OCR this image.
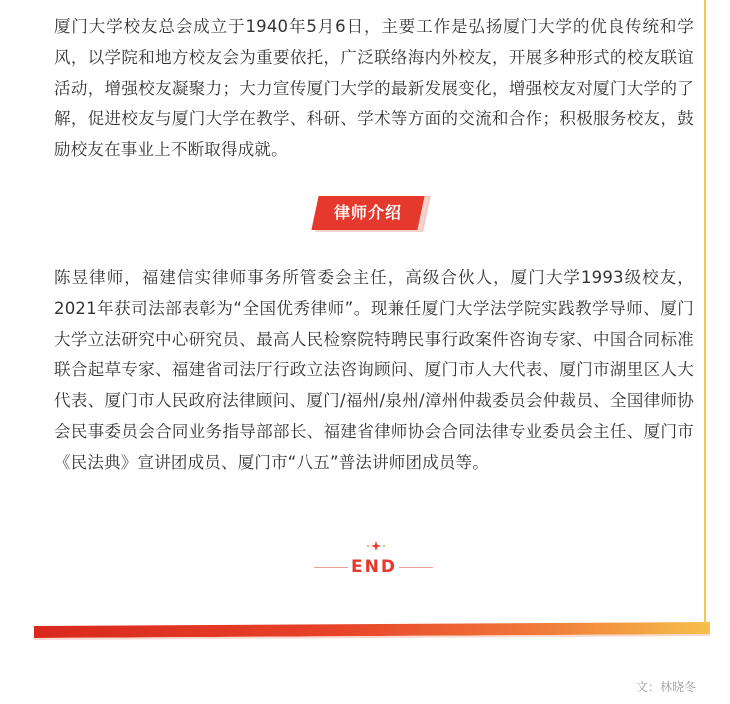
厦门大学校友总会成立于1940年5月6日，主要工作是弘扬厦门大学的优良传统和学风，以学院和地方校友会为重要依托，广泛联络海内外校友，开展多种形式的校友联谊活动，增强校友凝聚力；大力宣传厦门大学的最新发展变化，增强校友对厦门大学的了解，促进校友与厦门大学在教学、科研、学术等方面的交流和合作；积极服务校友，鼓励校友在事业上不断取得成就。

律师介绍

陈昱律师，福建信实律师事务所管委会主任，高级合伙人，厦门大学1993级校友，2021年获司法部表彰为“全国优秀律师”。现兼任厦门大学法学院实践教学导师、厦门大学立法研究中心研究员、最高人民检察院特聘民事行政案件咨询专家、中国合同标准联合起草专家、福建省司法厅行政立法咨询顾问、厦门市人大代表、厦门市湖里区人大代表、厦门市人民政府法律顾问、厦门/福州/泉州/漳州仲裁委员会仲裁员、全国律师协会民事委员会合同业务指导部部长、福建省律师协会合同法律专业委员会主任、厦门市《民法典》宣讲团成员、厦门市“八五”普法讲师团成员等。

END
文：林晓冬
